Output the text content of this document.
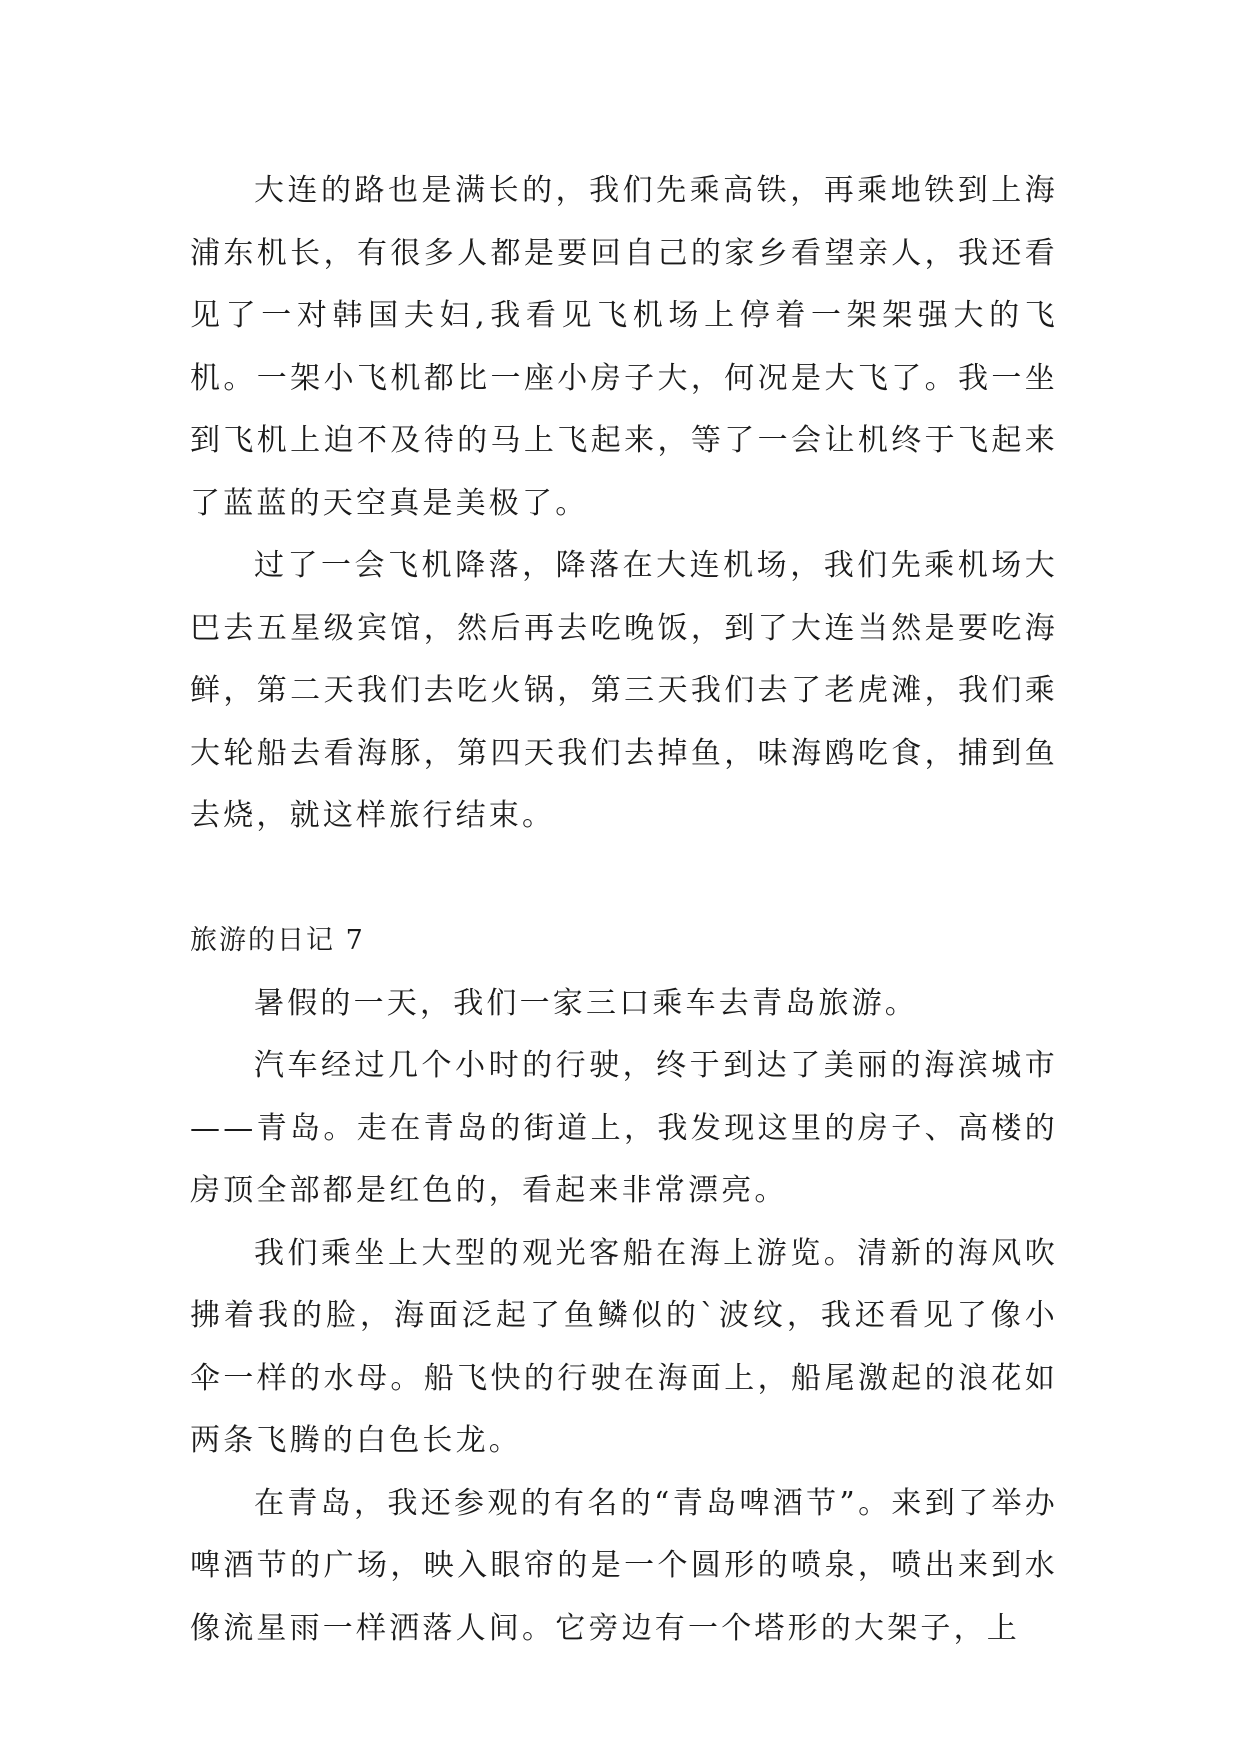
大连的路也是满长的，我们先乘高铁，再乘地铁到上海浦东机长，有很多人都是要回自己的家乡看望亲人，我还看见了一对韩国夫妇,我看见飞机场上停着一架架强大的飞机。一架小飞机都比一座小房子大，何况是大飞了。我一坐到飞机上迫不及待的马上飞起来，等了一会让机终于飞起来了蓝蓝的天空真是美极了。

过了一会飞机降落，降落在大连机场，我们先乘机场大巴去五星级宾馆，然后再去吃晚饭，到了大连当然是要吃海鲜，第二天我们去吃火锅，第三天我们去了老虎滩，我们乘大轮船去看海豚，第四天我们去掉鱼，味海鸥吃食，捕到鱼去烧，就这样旅行结束。

旅游的日记 7

暑假的一天，我们一家三口乘车去青岛旅游。

汽车经过几个小时的行驶，终于到达了美丽的海滨城市——青岛。走在青岛的街道上，我发现这里的房子、高楼的房顶全部都是红色的，看起来非常漂亮。

我们乘坐上大型的观光客船在海上游览。清新的海风吹拂着我的脸，海面泛起了鱼鳞似的`波纹，我还看见了像小伞一样的水母。船飞快的行驶在海面上，船尾激起的浪花如两条飞腾的白色长龙。

在青岛，我还参观的有名的“青岛啤酒节”。来到了举办啤酒节的广场，映入眼帘的是一个圆形的喷泉，喷出来到水像流星雨一样洒落人间。它旁边有一个塔形的大架子，上
